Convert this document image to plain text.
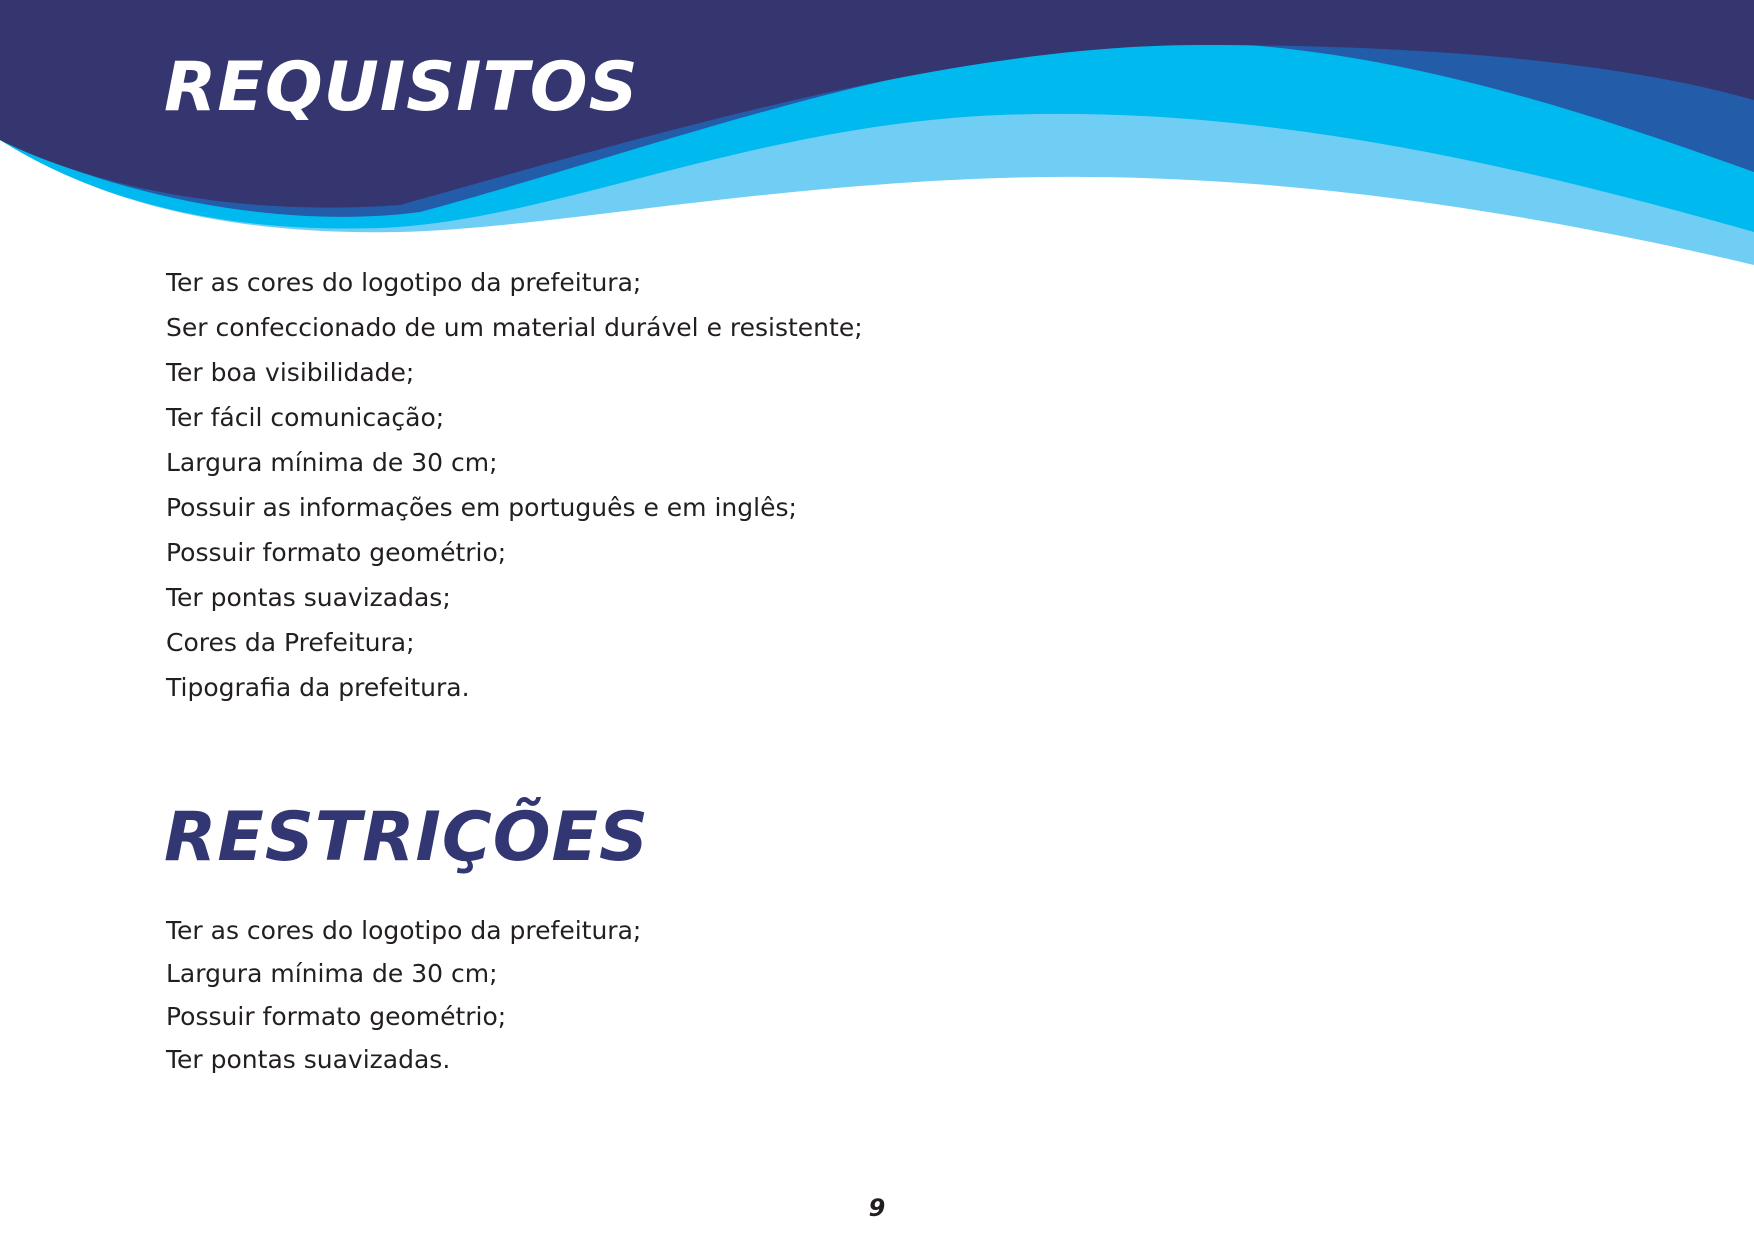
REQUISITOS
Ter as cores do logotipo da prefeitura;
Ser confeccionado de um material durável e resistente;
Ter boa visibilidade;
Ter fácil comunicação;
Largura mínima de 30 cm;
Possuir as informações em português e em inglês;
Possuir formato geométrio;
Ter pontas suavizadas;
Cores da Prefeitura;
Tipografia da prefeitura.
RESTRIÇÕES
Ter as cores do logotipo da prefeitura;
Largura mínima de 30 cm;
Possuir formato geométrio;
Ter pontas suavizadas.
9
